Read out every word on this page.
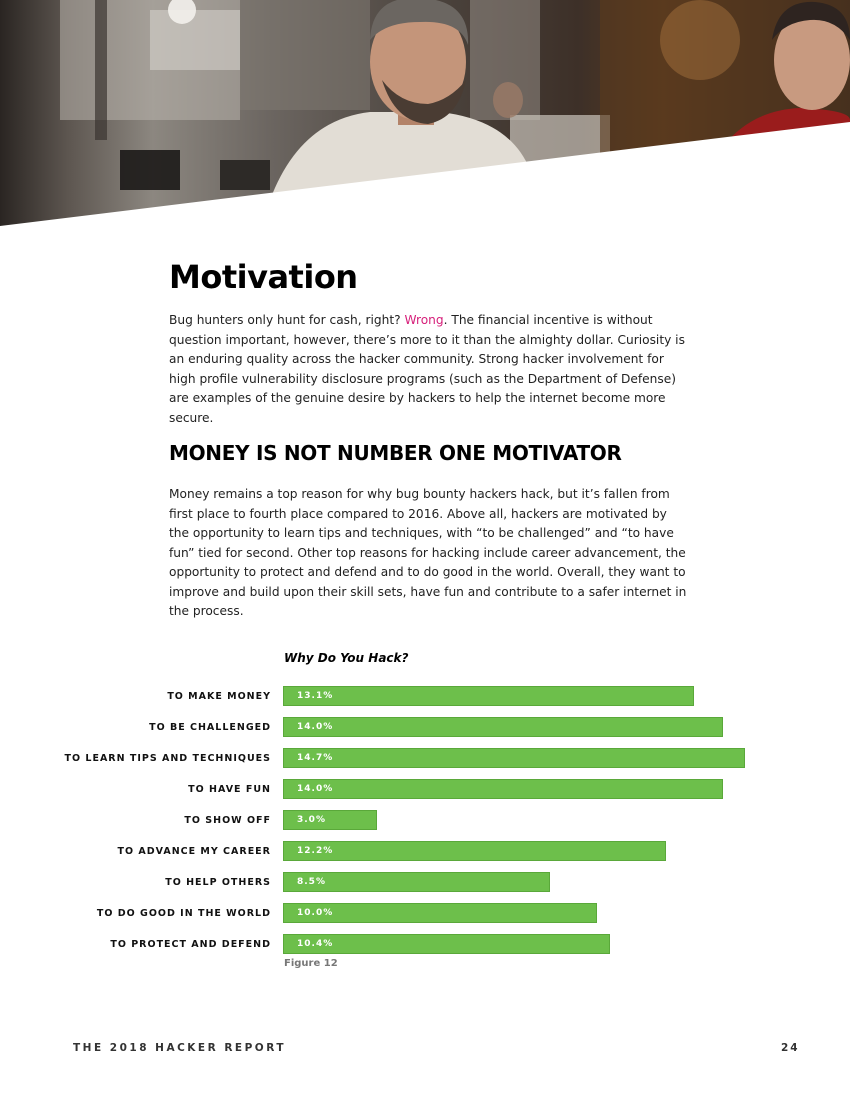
Motivation

Bug hunters only hunt for cash, right? Wrong. The financial incentive is without question important, however, there’s more to it than the almighty dollar. Curiosity is an enduring quality across the hacker community. Strong hacker involvement for high profile vulnerability disclosure programs (such as the Department of Defense) are examples of the genuine desire by hackers to help the internet become more secure.

MONEY IS NOT NUMBER ONE MOTIVATOR

Money remains a top reason for why bug bounty hackers hack, but it’s fallen from first place to fourth place compared to 2016. Above all, hackers are motivated by the opportunity to learn tips and techniques, with “to be challenged” and “to have fun” tied for second. Other top reasons for hacking include career advancement, the opportunity to protect and defend and to do good in the world. Overall, they want to improve and build upon their skill sets, have fun and contribute to a safer internet in the process.

Why Do You Hack?
TO MAKE MONEY	13.1%
TO BE CHALLENGED	14.0%
TO LEARN TIPS AND TECHNIQUES	14.7%
TO HAVE FUN	14.0%
TO SHOW OFF	3.0%
TO ADVANCE MY CAREER	12.2%
TO HELP OTHERS	8.5%
TO DO GOOD IN THE WORLD	10.0%
TO PROTECT AND DEFEND	10.4%
Figure 12
THE 2018 HACKER REPORT	24
